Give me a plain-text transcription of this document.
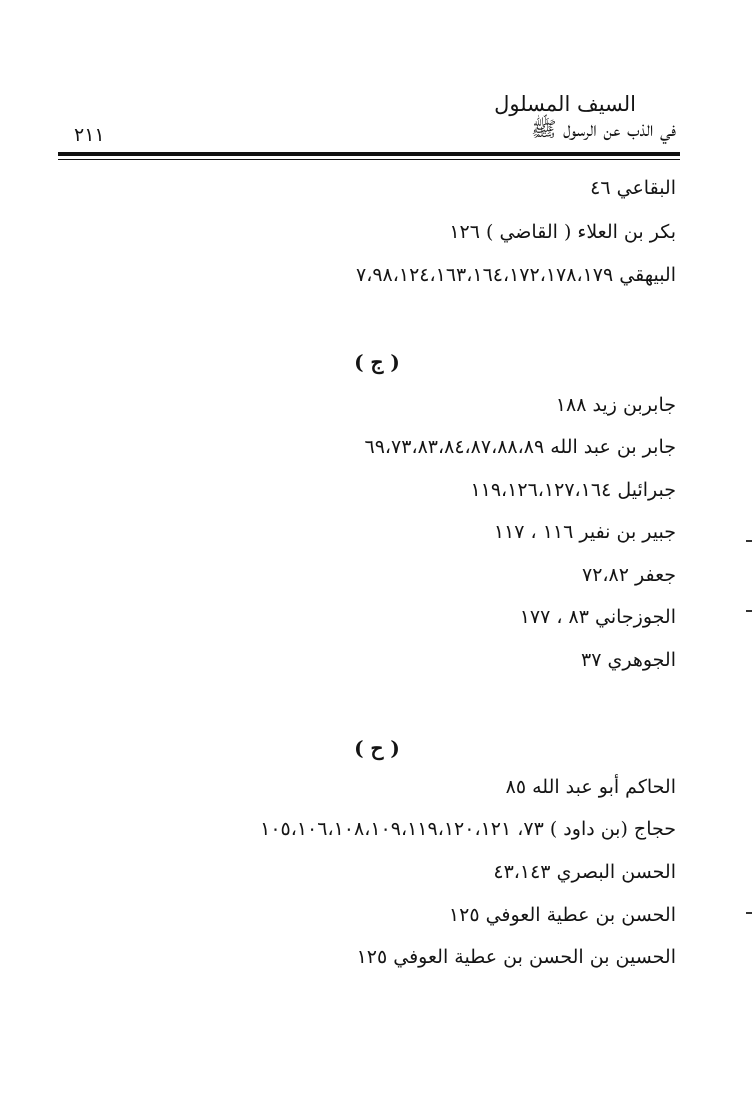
السيف المسلول
في الذب عن الرسول ﷺ
٢١١
البقاعي ٤٦
بكر بن العلاء ( القاضي ) ١٢٦
البيهقي ٧،٩٨،١٢٤،١٦٣،١٦٤،١٧٢،١٧٨،١٧٩
( ج )
جابربن زيد ١٨٨
جابر بن عبد الله ٦٩،٧٣،٨٣،٨٤،٨٧،٨٨،٨٩
جبرائيل ١١٩،١٢٦،١٢٧،١٦٤
جبير بن نفير ١١٦ ، ١١٧
جعفر ٧٢،٨٢
الجوزجاني ٨٣ ، ١٧٧
الجوهري ٣٧
( ح )
الحاكم أبو عبد الله ٨٥
حجاج (بن داود ) ٧٣، ١٠٥،١٠٦،١٠٨،١٠٩،١١٩،١٢٠،١٢١
الحسن البصري ٤٣،١٤٣
الحسن بن عطية العوفي ١٢٥
الحسين بن الحسن بن عطية العوفي ١٢٥
